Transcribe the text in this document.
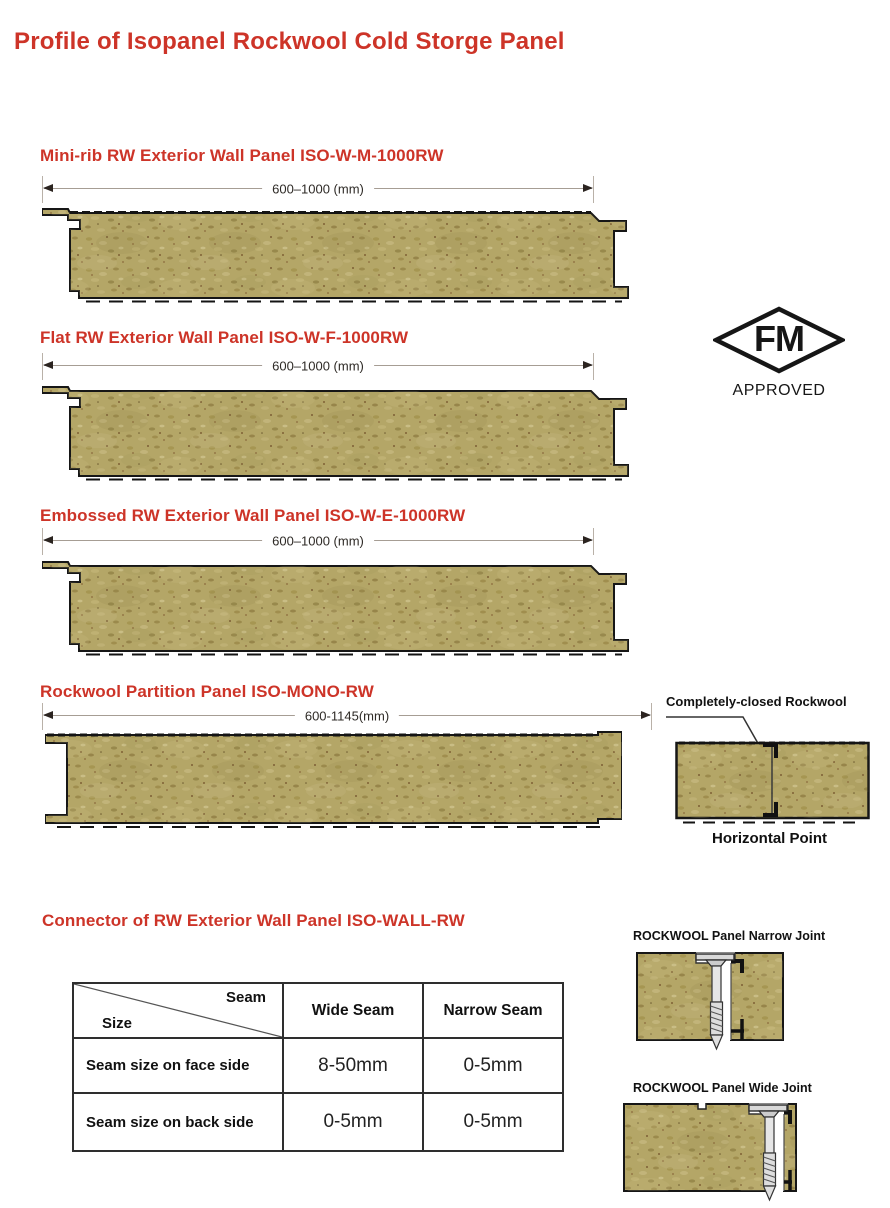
Profile of Isopanel Rockwool Cold Storge Panel
Mini-rib RW Exterior Wall Panel ISO-W-M-1000RW
600–1000 (mm)
Flat RW Exterior Wall Panel ISO-W-F-1000RW
600–1000 (mm)
FM
APPROVED
Embossed RW Exterior Wall Panel ISO-W-E-1000RW
600–1000 (mm)
Rockwool Partition Panel ISO-MONO-RW
600-1145(mm)
Completely-closed Rockwool
Horizontal Point
Connector of RW Exterior Wall Panel ISO-WALL-RW
Seam
Size
Wide Seam	Narrow Seam
Seam size on face side	8-50mm	0-5mm
Seam size on back side	0-5mm	0-5mm
ROCKWOOL Panel Narrow Joint
ROCKWOOL Panel Wide Joint
